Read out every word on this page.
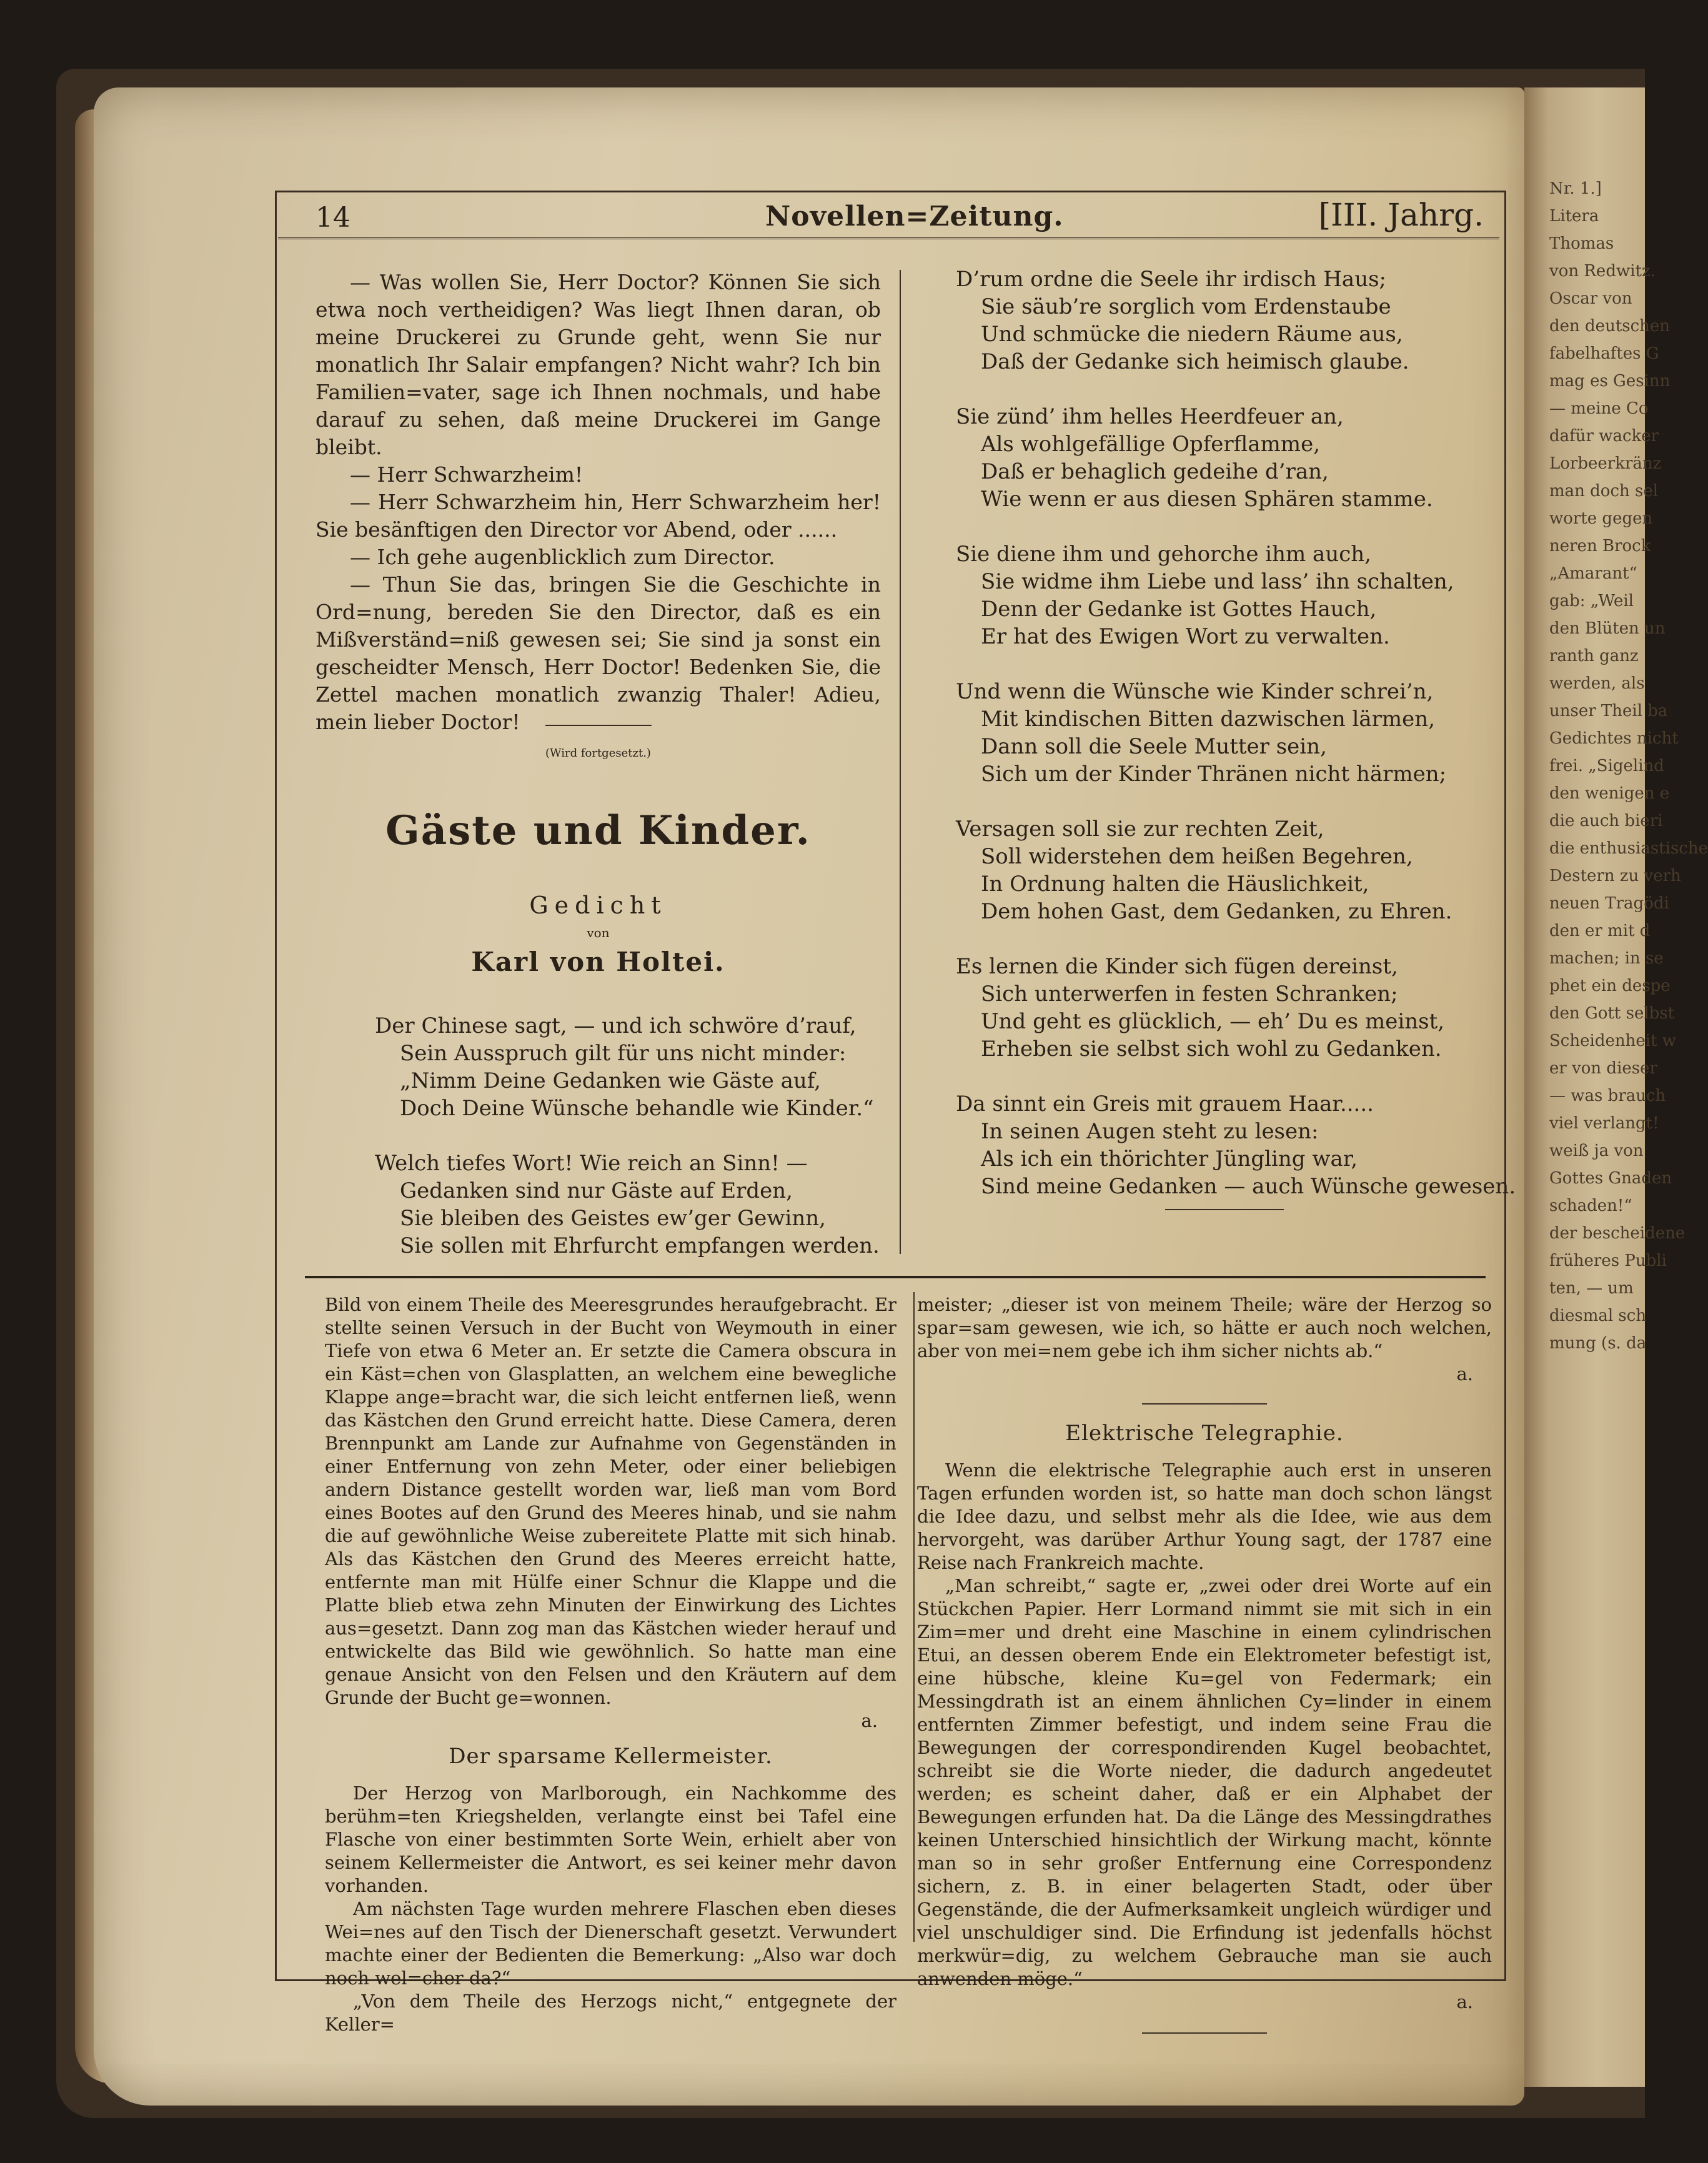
Nr. 1.]
Litera
Thomas
von Redwitz.
Oscar von
den deutschen
fabelhaftes G
mag es Gesinn
— meine Co
dafür wacker
Lorbeerkränz
man doch sel
worte gegen
neren Brock
„Amarant“
gab: „Weil
den Blüten un
ranth ganz
werden, als
unser Theil ba
Gedichtes nicht
frei. „Sigelind
den wenigen e
die auch bieri
die enthusiastische
Destern zu verh
neuen Tragödi
den er mit d
machen; in se
phet ein despe
den Gott selbst
Scheidenheit w
er von dieser
— was brauch
viel verlangt!
weiß ja von
Gottes Gnaden
schaden!“
der bescheidene
früheres Publi
ten, — um
diesmal sch
mung (s. da
14	Novellen=Zeitung.	[III. Jahrg.

— Was wollen Sie, Herr Doctor? Können Sie sich etwa noch vertheidigen? Was liegt Ihnen daran, ob meine Druckerei zu Grunde geht, wenn Sie nur monatlich Ihr Salair empfangen? Nicht wahr? Ich bin Familien=vater, sage ich Ihnen nochmals, und habe darauf zu sehen, daß meine Druckerei im Gange bleibt.

— Herr Schwarzheim!

— Herr Schwarzheim hin, Herr Schwarzheim her! Sie besänftigen den Director vor Abend, oder ......

— Ich gehe augenblicklich zum Director.

— Thun Sie das, bringen Sie die Geschichte in Ord=nung, bereden Sie den Director, daß es ein Mißverständ=niß gewesen sei; Sie sind ja sonst ein gescheidter Mensch, Herr Doctor! Bedenken Sie, die Zettel machen monatlich zwanzig Thaler! Adieu, mein lieber Doctor!

(Wird fortgesetzt.)

Gäste und Kinder.
Gedicht
von
Karl von Holtei.
Der Chinese sagt, — und ich schwöre d’rauf,
Sein Ausspruch gilt für uns nicht minder:
„Nimm Deine Gedanken wie Gäste auf,
Doch Deine Wünsche behandle wie Kinder.“
Welch tiefes Wort! Wie reich an Sinn! —
Gedanken sind nur Gäste auf Erden,
Sie bleiben des Geistes ew’ger Gewinn,
Sie sollen mit Ehrfurcht empfangen werden.
D’rum ordne die Seele ihr irdisch Haus;
Sie säub’re sorglich vom Erdenstaube
Und schmücke die niedern Räume aus,
Daß der Gedanke sich heimisch glaube.
Sie zünd’ ihm helles Heerdfeuer an,
Als wohlgefällige Opferflamme,
Daß er behaglich gedeihe d’ran,
Wie wenn er aus diesen Sphären stamme.
Sie diene ihm und gehorche ihm auch,
Sie widme ihm Liebe und lass’ ihn schalten,
Denn der Gedanke ist Gottes Hauch,
Er hat des Ewigen Wort zu verwalten.
Und wenn die Wünsche wie Kinder schrei’n,
Mit kindischen Bitten dazwischen lärmen,
Dann soll die Seele Mutter sein,
Sich um der Kinder Thränen nicht härmen;
Versagen soll sie zur rechten Zeit,
Soll widerstehen dem heißen Begehren,
In Ordnung halten die Häuslichkeit,
Dem hohen Gast, dem Gedanken, zu Ehren.
Es lernen die Kinder sich fügen dereinst,
Sich unterwerfen in festen Schranken;
Und geht es glücklich, — eh’ Du es meinst,
Erheben sie selbst sich wohl zu Gedanken.
Da sinnt ein Greis mit grauem Haar.....
In seinen Augen steht zu lesen:
Als ich ein thörichter Jüngling war,
Sind meine Gedanken — auch Wünsche gewesen.

Bild von einem Theile des Meeresgrundes heraufgebracht. Er stellte seinen Versuch in der Bucht von Weymouth in einer Tiefe von etwa 6 Meter an. Er setzte die Camera obscura in ein Käst=chen von Glasplatten, an welchem eine bewegliche Klappe ange=bracht war, die sich leicht entfernen ließ, wenn das Kästchen den Grund erreicht hatte. Diese Camera, deren Brennpunkt am Lande zur Aufnahme von Gegenständen in einer Entfernung von zehn Meter, oder einer beliebigen andern Distance gestellt worden war, ließ man vom Bord eines Bootes auf den Grund des Meeres hinab, und sie nahm die auf gewöhnliche Weise zubereitete Platte mit sich hinab. Als das Kästchen den Grund des Meeres erreicht hatte, entfernte man mit Hülfe einer Schnur die Klappe und die Platte blieb etwa zehn Minuten der Einwirkung des Lichtes aus=gesetzt. Dann zog man das Kästchen wieder herauf und entwickelte das Bild wie gewöhnlich. So hatte man eine genaue Ansicht von den Felsen und den Kräutern auf dem Grunde der Bucht ge=wonnen.

a.

Der sparsame Kellermeister.

Der Herzog von Marlborough, ein Nachkomme des berühm=ten Kriegshelden, verlangte einst bei Tafel eine Flasche von einer bestimmten Sorte Wein, erhielt aber von seinem Kellermeister die Antwort, es sei keiner mehr davon vorhanden.

Am nächsten Tage wurden mehrere Flaschen eben dieses Wei=nes auf den Tisch der Dienerschaft gesetzt. Verwundert machte einer der Bedienten die Bemerkung: „Also war doch noch wel=cher da?“

„Von dem Theile des Herzogs nicht,“ entgegnete der Keller=

meister; „dieser ist von meinem Theile; wäre der Herzog so spar=sam gewesen, wie ich, so hätte er auch noch welchen, aber von mei=nem gebe ich ihm sicher nichts ab.“

a.

Elektrische Telegraphie.

Wenn die elektrische Telegraphie auch erst in unseren Tagen erfunden worden ist, so hatte man doch schon längst die Idee dazu, und selbst mehr als die Idee, wie aus dem hervorgeht, was darüber Arthur Young sagt, der 1787 eine Reise nach Frankreich machte.

„Man schreibt,“ sagte er, „zwei oder drei Worte auf ein Stückchen Papier. Herr Lormand nimmt sie mit sich in ein Zim=mer und dreht eine Maschine in einem cylindrischen Etui, an dessen oberem Ende ein Elektrometer befestigt ist, eine hübsche, kleine Ku=gel von Federmark; ein Messingdrath ist an einem ähnlichen Cy=linder in einem entfernten Zimmer befestigt, und indem seine Frau die Bewegungen der correspondirenden Kugel beobachtet, schreibt sie die Worte nieder, die dadurch angedeutet werden; es scheint daher, daß er ein Alphabet der Bewegungen erfunden hat. Da die Länge des Messingdrathes keinen Unterschied hinsichtlich der Wirkung macht, könnte man so in sehr großer Entfernung eine Correspondenz sichern, z. B. in einer belagerten Stadt, oder über Gegenstände, die der Aufmerksamkeit ungleich würdiger und viel unschuldiger sind. Die Erfindung ist jedenfalls höchst merkwür=dig, zu welchem Gebrauche man sie auch anwenden möge.“

a.
